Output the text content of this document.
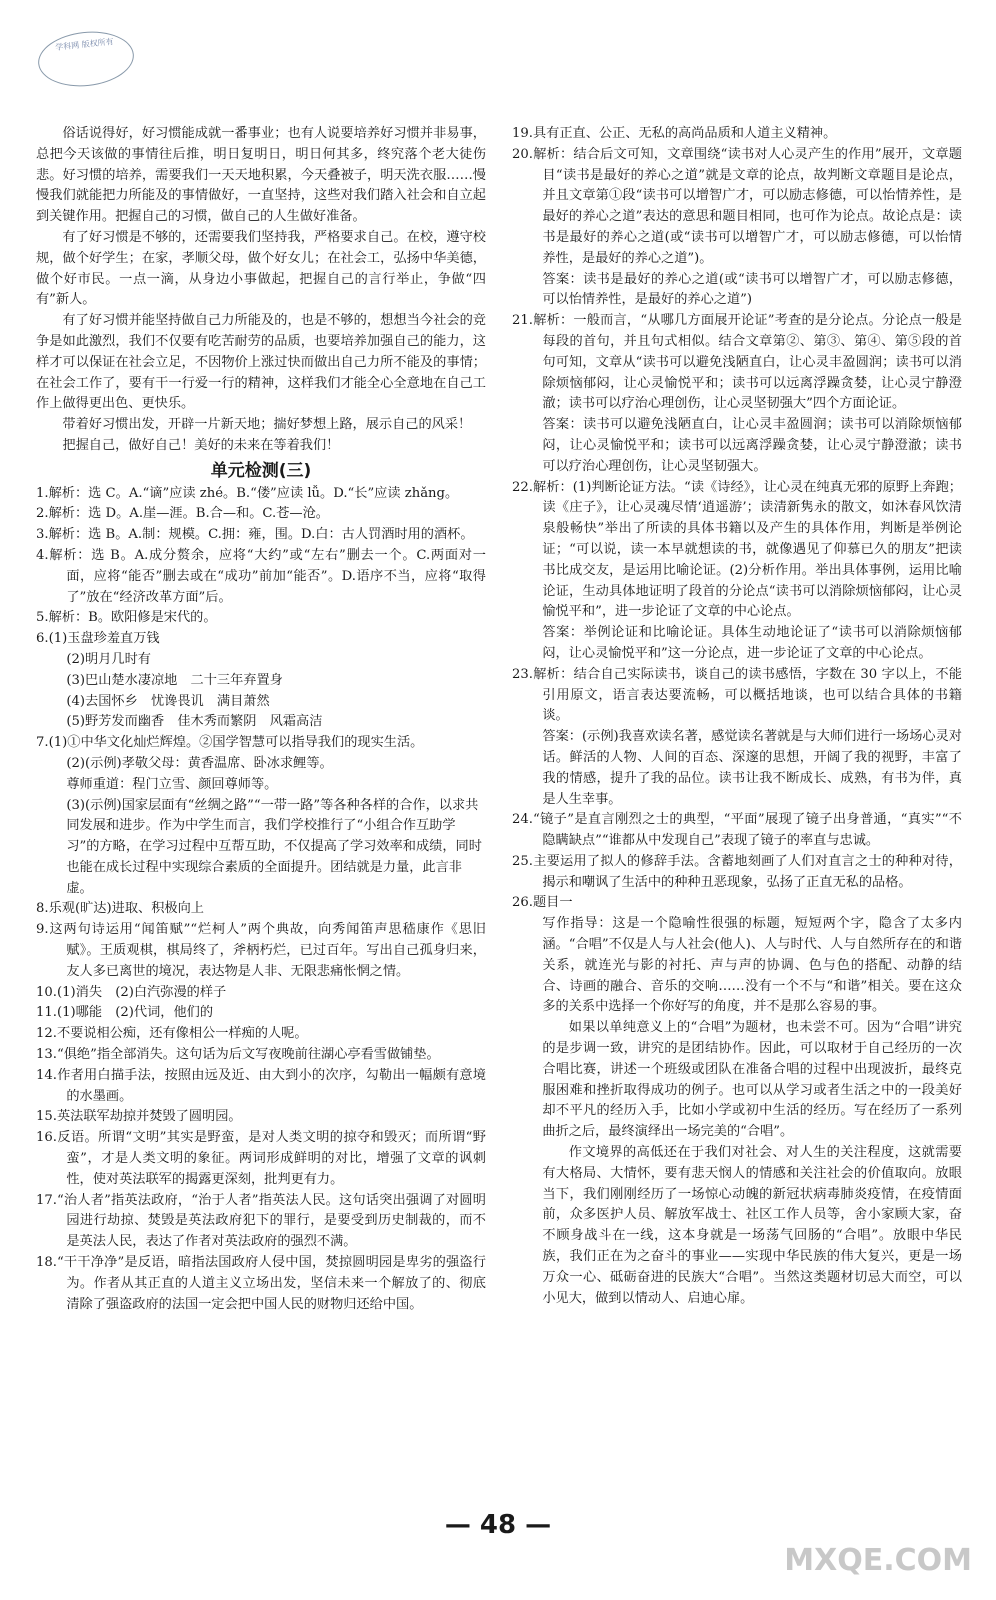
学科网 版权所有

俗话说得好，好习惯能成就一番事业；也有人说要培养好习惯并非易事，总把今天该做的事情往后推，明日复明日，明日何其多，终究落个老大徒伤悲。好习惯的培养，需要我们一天天地积累，今天叠被子，明天洗衣服……慢慢我们就能把力所能及的事情做好，一直坚持，这些对我们踏入社会和自立起到关键作用。把握自己的习惯，做自己的人生做好准备。

有了好习惯是不够的，还需要我们坚持我，严格要求自己。在校，遵守校规，做个好学生；在家，孝顺父母，做个好女儿；在社会工，弘扬中华美德，做个好市民。一点一滴，从身边小事做起，把握自己的言行举止，争做“四有”新人。

有了好习惯并能坚持做自己力所能及的，也是不够的，想想当今社会的竞争是如此激烈，我们不仅要有吃苦耐劳的品质，也要培养加强自己的能力，这样才可以保证在社会立足，不因物价上涨过快而做出自己力所不能及的事情；在社会工作了，要有干一行爱一行的精神，这样我们才能全心全意地在自己工作上做得更出色、更快乐。

带着好习惯出发，开辟一片新天地；揣好梦想上路，展示自己的风采！

把握自己，做好自己！美好的未来在等着我们！

单元检测(三)

1.解析：选 C。A.“谪”应读 zhé。B.“偻”应读 lǚ。D.“长”应读 zhǎng。

2.解析：选 D。A.崖—涯。B.合—和。C.苍—沧。

3.解析：选 B。A.制：规模。C.拥：雍，围。D.白：古人罚酒时用的酒杯。

4.解析：选 B。A.成分赘余，应将“大约”或“左右”删去一个。C.两面对一面，应将“能否”删去或在“成功”前加“能否”。D.语序不当，应将“取得了”放在“经济改革方面”后。

5.解析：B。欧阳修是宋代的。

6.(1)玉盘珍羞直万钱

(2)明月几时有

(3)巴山楚水凄凉地　二十三年弃置身

(4)去国怀乡　忧谗畏讥　满目萧然

(5)野芳发而幽香　佳木秀而繁阴　风霜高洁

7.(1)①中华文化灿烂辉煌。②国学智慧可以指导我们的现实生活。

(2)(示例)孝敬父母：黄香温席、卧冰求鲤等。

尊师重道：程门立雪、颜回尊师等。

(3)(示例)国家层面有“丝绸之路”“一带一路”等各种各样的合作，以求共同发展和进步。作为中学生而言，我们学校推行了“小组合作互助学习”的方略，在学习过程中互帮互助，不仅提高了学习效率和成绩，同时也能在成长过程中实现综合素质的全面提升。团结就是力量，此言非虚。

8.乐观(旷达)进取、积极向上

9.这两句诗运用“闻笛赋”“烂柯人”两个典故，向秀闻笛声思嵇康作《思旧赋》。王质观棋，棋局终了，斧柄朽烂，已过百年。写出自己孤身归来，友人多已离世的境况，表达物是人非、无限悲痛怅惘之情。

10.(1)消失　(2)白汽弥漫的样子

11.(1)哪能　(2)代词，他们的

12.不要说相公痴，还有像相公一样痴的人呢。

13.“俱绝”指全部消失。这句话为后文写夜晚前往湖心亭看雪做铺垫。

14.作者用白描手法，按照由远及近、由大到小的次序，勾勒出一幅颇有意境的水墨画。

15.英法联军劫掠并焚毁了圆明园。

16.反语。所谓“文明”其实是野蛮，是对人类文明的掠夺和毁灭；而所谓“野蛮”，才是人类文明的象征。两词形成鲜明的对比，增强了文章的讽刺性，使对英法联军的揭露更深刻，批判更有力。

17.“治人者”指英法政府，“治于人者”指英法人民。这句话突出强调了对圆明园进行劫掠、焚毁是英法政府犯下的罪行，是要受到历史制裁的，而不是英法人民，表达了作者对英法政府的强烈不满。

18.“干干净净”是反语，暗指法国政府人侵中国，焚掠圆明园是卑劣的强盗行为。作者从其正直的人道主义立场出发，坚信未来一个解放了的、彻底清除了强盗政府的法国一定会把中国人民的财物归还给中国。

19.具有正直、公正、无私的高尚品质和人道主义精神。

20.解析：结合后文可知，文章围绕“读书对人心灵产生的作用”展开，文章题目“读书是最好的养心之道”就是文章的论点，故判断文章题目是论点，并且文章第①段“读书可以增智广才，可以励志修德，可以怡情养性，是最好的养心之道”表达的意思和题目相同，也可作为论点。故论点是：读书是最好的养心之道(或“读书可以增智广才，可以励志修德，可以怡情养性，是最好的养心之道”)。

答案：读书是最好的养心之道(或“读书可以增智广才，可以励志修德，可以怡情养性，是最好的养心之道”)

21.解析：一般而言，“从哪几方面展开论证”考查的是分论点。分论点一般是每段的首句，并且句式相似。结合文章第②、第③、第④、第⑤段的首句可知，文章从“读书可以避免浅陋直白，让心灵丰盈圆润；读书可以消除烦恼郁闷，让心灵愉悦平和；读书可以远离浮躁贪婪，让心灵宁静澄澈；读书可以疗治心理创伤，让心灵坚韧强大”四个方面论证。

答案：读书可以避免浅陋直白，让心灵丰盈圆润；读书可以消除烦恼郁闷，让心灵愉悦平和；读书可以远离浮躁贪婪，让心灵宁静澄澈；读书可以疗治心理创伤，让心灵坚韧强大。

22.解析：(1)判断论证方法。“读《诗经》，让心灵在纯真无邪的原野上奔跑；读《庄子》，让心灵魂尽情‘逍遥游’；读清新隽永的散文，如沐春风饮清泉般畅快”举出了所读的具体书籍以及产生的具体作用，判断是举例论证；“可以说，读一本早就想读的书，就像遇见了仰慕已久的朋友”把读书比成交友，是运用比喻论证。(2)分析作用。举出具体事例，运用比喻论证，生动具体地证明了段首的分论点“读书可以消除烦恼郁闷，让心灵愉悦平和”，进一步论证了文章的中心论点。

答案：举例论证和比喻论证。具体生动地论证了“读书可以消除烦恼郁闷，让心灵愉悦平和”这一分论点，进一步论证了文章的中心论点。

23.解析：结合自己实际读书，谈自己的读书感悟，字数在 30 字以上，不能引用原文，语言表达要流畅，可以概括地谈，也可以结合具体的书籍谈。

答案：(示例)我喜欢读名著，感觉读名著就是与大师们进行一场场心灵对话。鲜活的人物、人间的百态、深邃的思想，开阔了我的视野，丰富了我的情感，提升了我的品位。读书让我不断成长、成熟，有书为伴，真是人生幸事。

24.“镜子”是直言刚烈之士的典型，“平面”展现了镜子出身普通，“真实”“不隐瞒缺点”“谁都从中发现自己”表现了镜子的率直与忠诚。

25.主要运用了拟人的修辞手法。含蓄地刻画了人们对直言之士的种种对待，揭示和嘲讽了生活中的种种丑恶现象，弘扬了正直无私的品格。

26.题目一

写作指导：这是一个隐喻性很强的标题，短短两个字，隐含了太多内涵。“合唱”不仅是人与人社会(他人)、人与时代、人与自然所存在的和谐关系，就连光与影的衬托、声与声的协调、色与色的搭配、动静的结合、诗画的融合、音乐的交响……没有一个不与“和谐”相关。要在这众多的关系中选择一个你好写的角度，并不是那么容易的事。

如果以单纯意义上的“合唱”为题材，也未尝不可。因为“合唱”讲究的是步调一致，讲究的是团结协作。因此，可以取材于自己经历的一次合唱比赛，讲述一个班级或团队在准备合唱的过程中出现波折，最终克服困难和挫折取得成功的例子。也可以从学习或者生活之中的一段美好却不平凡的经历入手，比如小学或初中生活的经历。写在经历了一系列曲折之后，最终演绎出一场完美的“合唱”。

作文境界的高低还在于我们对社会、对人生的关注程度，这就需要有大格局、大情怀，要有悲天悯人的情感和关注社会的价值取向。放眼当下，我们刚刚经历了一场惊心动魄的新冠状病毒肺炎疫情，在疫情面前，众多医护人员、解放军战士、社区工作人员等，舍小家顾大家，奋不顾身战斗在一线，这本身就是一场荡气回肠的“合唱”。放眼中华民族，我们正在为之奋斗的事业——实现中华民族的伟大复兴，更是一场万众一心、砥砺奋进的民族大“合唱”。当然这类题材切忌大而空，可以小见大，做到以情动人、启迪心扉。

— 48 —
MXQE.COM
